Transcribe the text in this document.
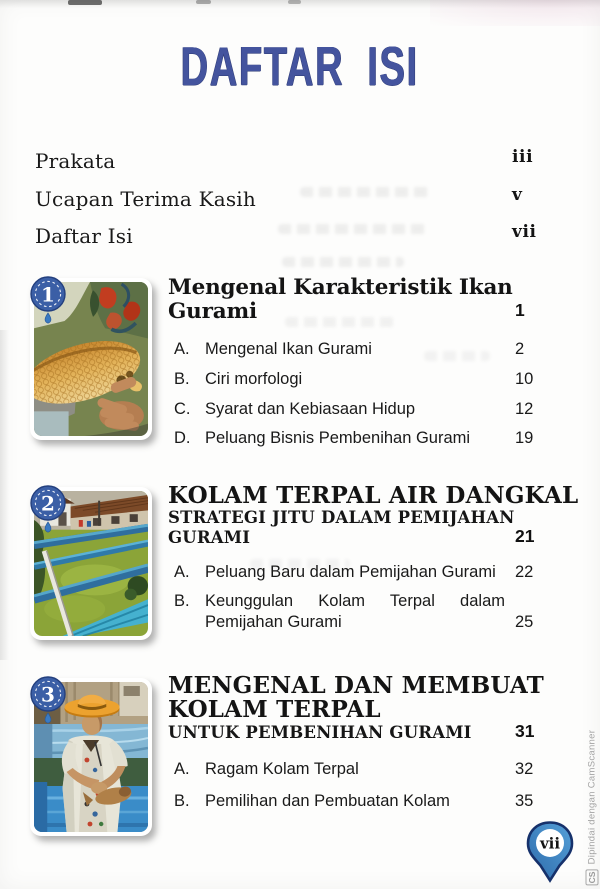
DAFTAR ISI
Prakata	iii
Ucapan Terima Kasih	v
Daftar Isi	vii
1	Mengenal Karakteristik Ikan
Gurami	1
A. Mengenal Ikan Gurami	2
B. Ciri morfologi	10
C. Syarat dan Kebiasaan Hidup	12
D. Peluang Bisnis Pembenihan Gurami	19
2	KOLAM TERPAL AIR DANGKAL
STRATEGI JITU DALAM PEMIJAHAN
GURAMI	21
A. Peluang Baru dalam Pemijahan Gurami	22
B. Keunggulan Kolam Terpal dalam Pemijahan Gurami	25
3	MENGENAL DAN MEMBUAT
KOLAM TERPAL
UNTUK PEMBENIHAN GURAMI	31
A. Ragam Kolam Terpal	32
B. Pemilihan dan Pembuatan Kolam	35
vii
CS
Dipindai dengan CamScanner
